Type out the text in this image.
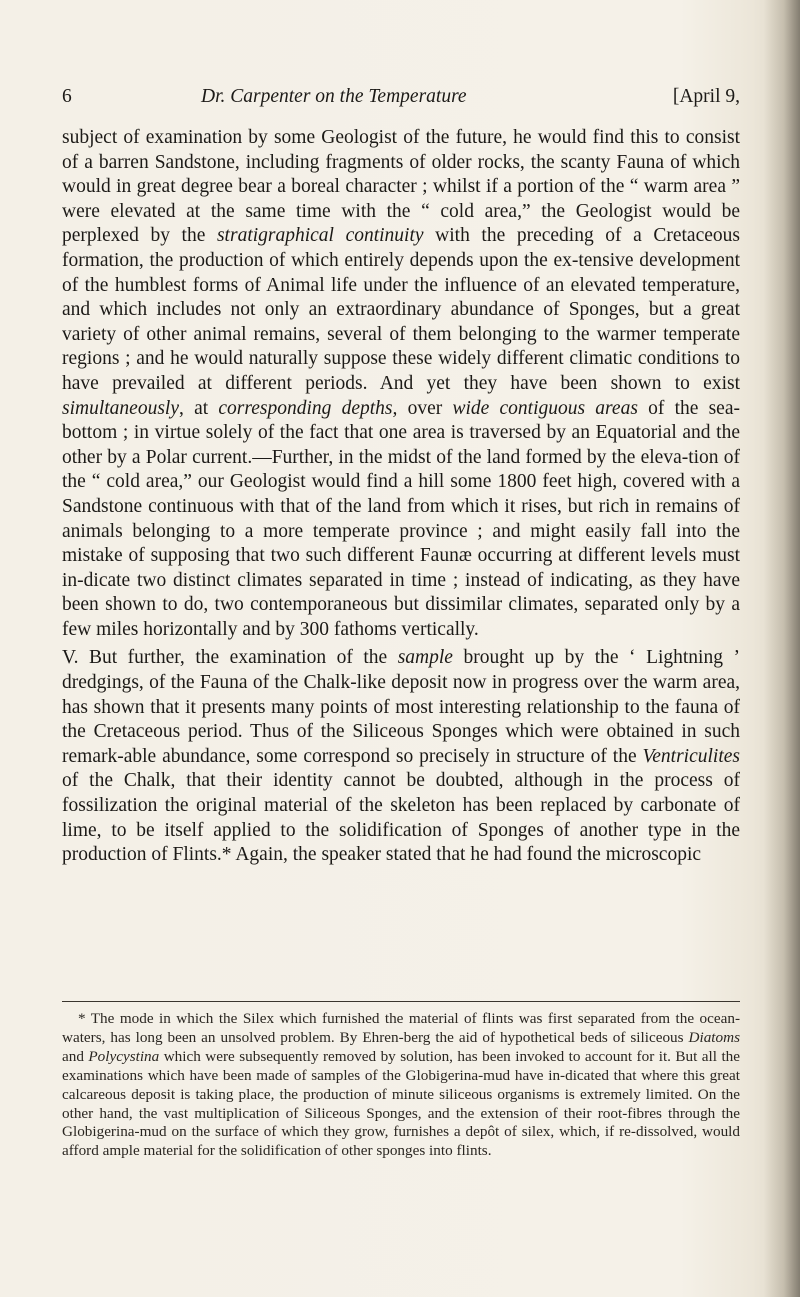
6	Dr. Carpenter on the Temperature	[April 9,

subject of examination by some Geologist of the future, he would find this to consist of a barren Sandstone, including fragments of older rocks, the scanty Fauna of which would in great degree bear a boreal character ; whilst if a portion of the “ warm area ” were elevated at the same time with the “ cold area,” the Geologist would be perplexed by the stratigraphical continuity with the preceding of a Cretaceous formation, the production of which entirely depends upon the ex-tensive development of the humblest forms of Animal life under the influence of an elevated temperature, and which includes not only an extraordinary abundance of Sponges, but a great variety of other animal remains, several of them belonging to the warmer temperate regions ; and he would naturally suppose these widely different climatic conditions to have prevailed at different periods. And yet they have been shown to exist simultaneously, at corresponding depths, over wide contiguous areas of the sea-bottom ; in virtue solely of the fact that one area is traversed by an Equatorial and the other by a Polar current.—Further, in the midst of the land formed by the eleva-tion of the “ cold area,” our Geologist would find a hill some 1800 feet high, covered with a Sandstone continuous with that of the land from which it rises, but rich in remains of animals belonging to a more temperate province ; and might easily fall into the mistake of supposing that two such different Faunæ occurring at different levels must in-dicate two distinct climates separated in time ; instead of indicating, as they have been shown to do, two contemporaneous but dissimilar climates, separated only by a few miles horizontally and by 300 fathoms vertically.

V. But further, the examination of the sample brought up by the ‘ Lightning ’ dredgings, of the Fauna of the Chalk-like deposit now in progress over the warm area, has shown that it presents many points of most interesting relationship to the fauna of the Cretaceous period. Thus of the Siliceous Sponges which were obtained in such remark-able abundance, some correspond so precisely in structure of the Ventriculites of the Chalk, that their identity cannot be doubted, although in the process of fossilization the original material of the skeleton has been replaced by carbonate of lime, to be itself applied to the solidification of Sponges of another type in the production of Flints.* Again, the speaker stated that he had found the microscopic

* The mode in which the Silex which furnished the material of flints was first separated from the ocean-waters, has long been an unsolved problem. By Ehren-berg the aid of hypothetical beds of siliceous Diatoms and Polycystina which were subsequently removed by solution, has been invoked to account for it. But all the examinations which have been made of samples of the Globigerina-mud have in-dicated that where this great calcareous deposit is taking place, the production of minute siliceous organisms is extremely limited. On the other hand, the vast multiplication of Siliceous Sponges, and the extension of their root-fibres through the Globigerina-mud on the surface of which they grow, furnishes a depôt of silex, which, if re-dissolved, would afford ample material for the solidification of other sponges into flints.
